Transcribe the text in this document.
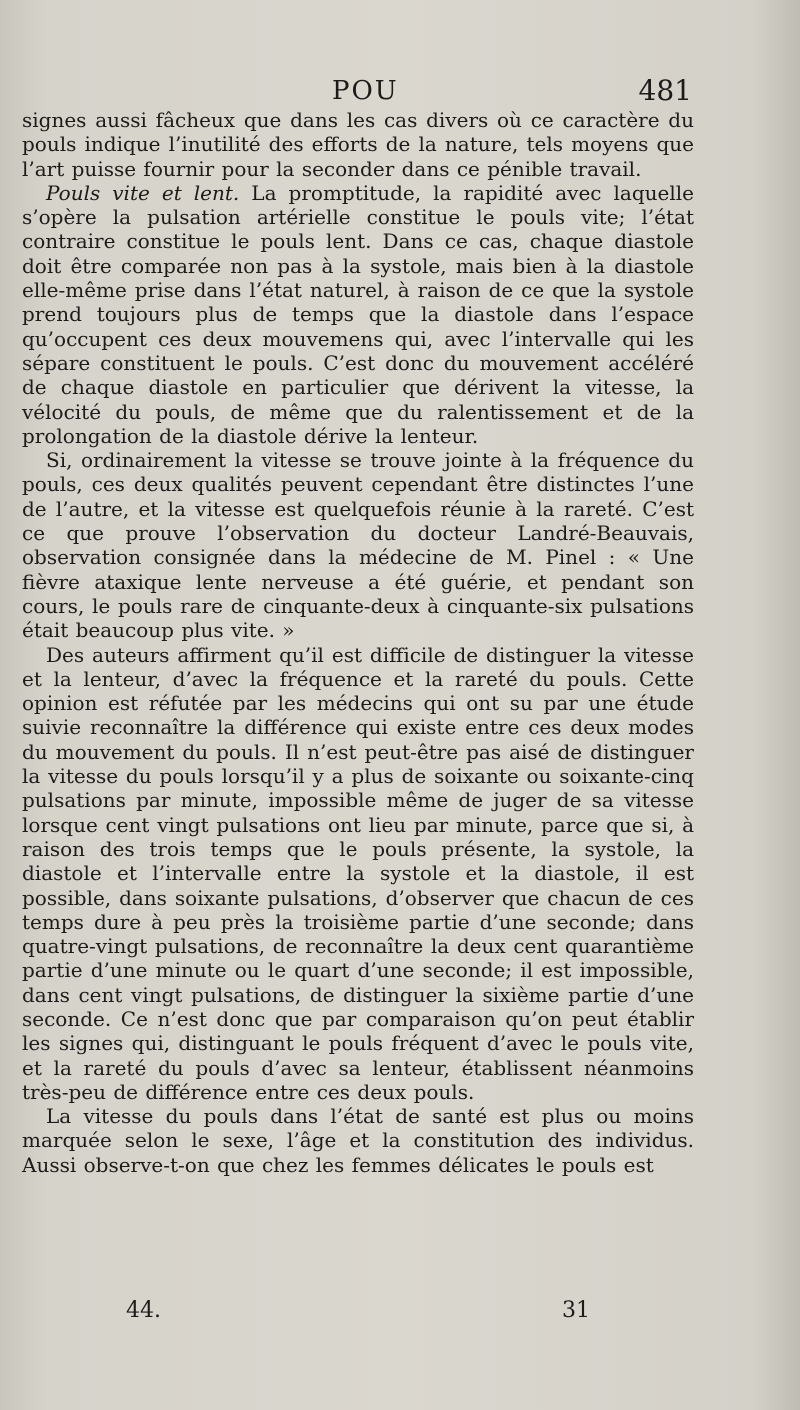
POU	481

signes aussi fâcheux que dans les cas divers où ce caractère du pouls indique l’inutilité des efforts de la nature, tels moyens que l’art puisse fournir pour la seconder dans ce pénible travail.

Pouls vite et lent. La promptitude, la rapidité avec laquelle s’opère la pulsation artérielle constitue le pouls vite; l’état contraire constitue le pouls lent. Dans ce cas, chaque diastole doit être comparée non pas à la systole, mais bien à la diastole elle-même prise dans l’état naturel, à raison de ce que la systole prend toujours plus de temps que la diastole dans l’espace qu’occupent ces deux mouvemens qui, avec l’intervalle qui les sépare constituent le pouls. C’est donc du mouvement accéléré de chaque diastole en particulier que dérivent la vitesse, la vélocité du pouls, de même que du ralentissement et de la prolongation de la diastole dérive la lenteur.

Si, ordinairement la vitesse se trouve jointe à la fréquence du pouls, ces deux qualités peuvent cependant être distinctes l’une de l’autre, et la vitesse est quelquefois réunie à la rareté. C’est ce que prouve l’observation du docteur Landré-Beauvais, observation consignée dans la médecine de M. Pinel : « Une fièvre ataxique lente nerveuse a été guérie, et pendant son cours, le pouls rare de cinquante-deux à cinquante-six pulsations était beaucoup plus vite. »

Des auteurs affirment qu’il est difficile de distinguer la vitesse et la lenteur, d’avec la fréquence et la rareté du pouls. Cette opinion est réfutée par les médecins qui ont su par une étude suivie reconnaître la différence qui existe entre ces deux modes du mouvement du pouls. Il n’est peut-être pas aisé de distinguer la vitesse du pouls lorsqu’il y a plus de soixante ou soixante-cinq pulsations par minute, impossible même de juger de sa vitesse lorsque cent vingt pulsations ont lieu par minute, parce que si, à raison des trois temps que le pouls présente, la systole, la diastole et l’intervalle entre la systole et la diastole, il est possible, dans soixante pulsations, d’observer que chacun de ces temps dure à peu près la troisième partie d’une seconde; dans quatre-vingt pulsations, de reconnaître la deux cent quarantième partie d’une minute ou le quart d’une seconde; il est impossible, dans cent vingt pulsations, de distinguer la sixième partie d’une seconde. Ce n’est donc que par comparaison qu’on peut établir les signes qui, distinguant le pouls fréquent d’avec le pouls vite, et la rareté du pouls d’avec sa lenteur, établissent néanmoins très-peu de différence entre ces deux pouls.

La vitesse du pouls dans l’état de santé est plus ou moins marquée selon le sexe, l’âge et la constitution des individus. Aussi observe-t-on que chez les femmes délicates le pouls est

44.	31
